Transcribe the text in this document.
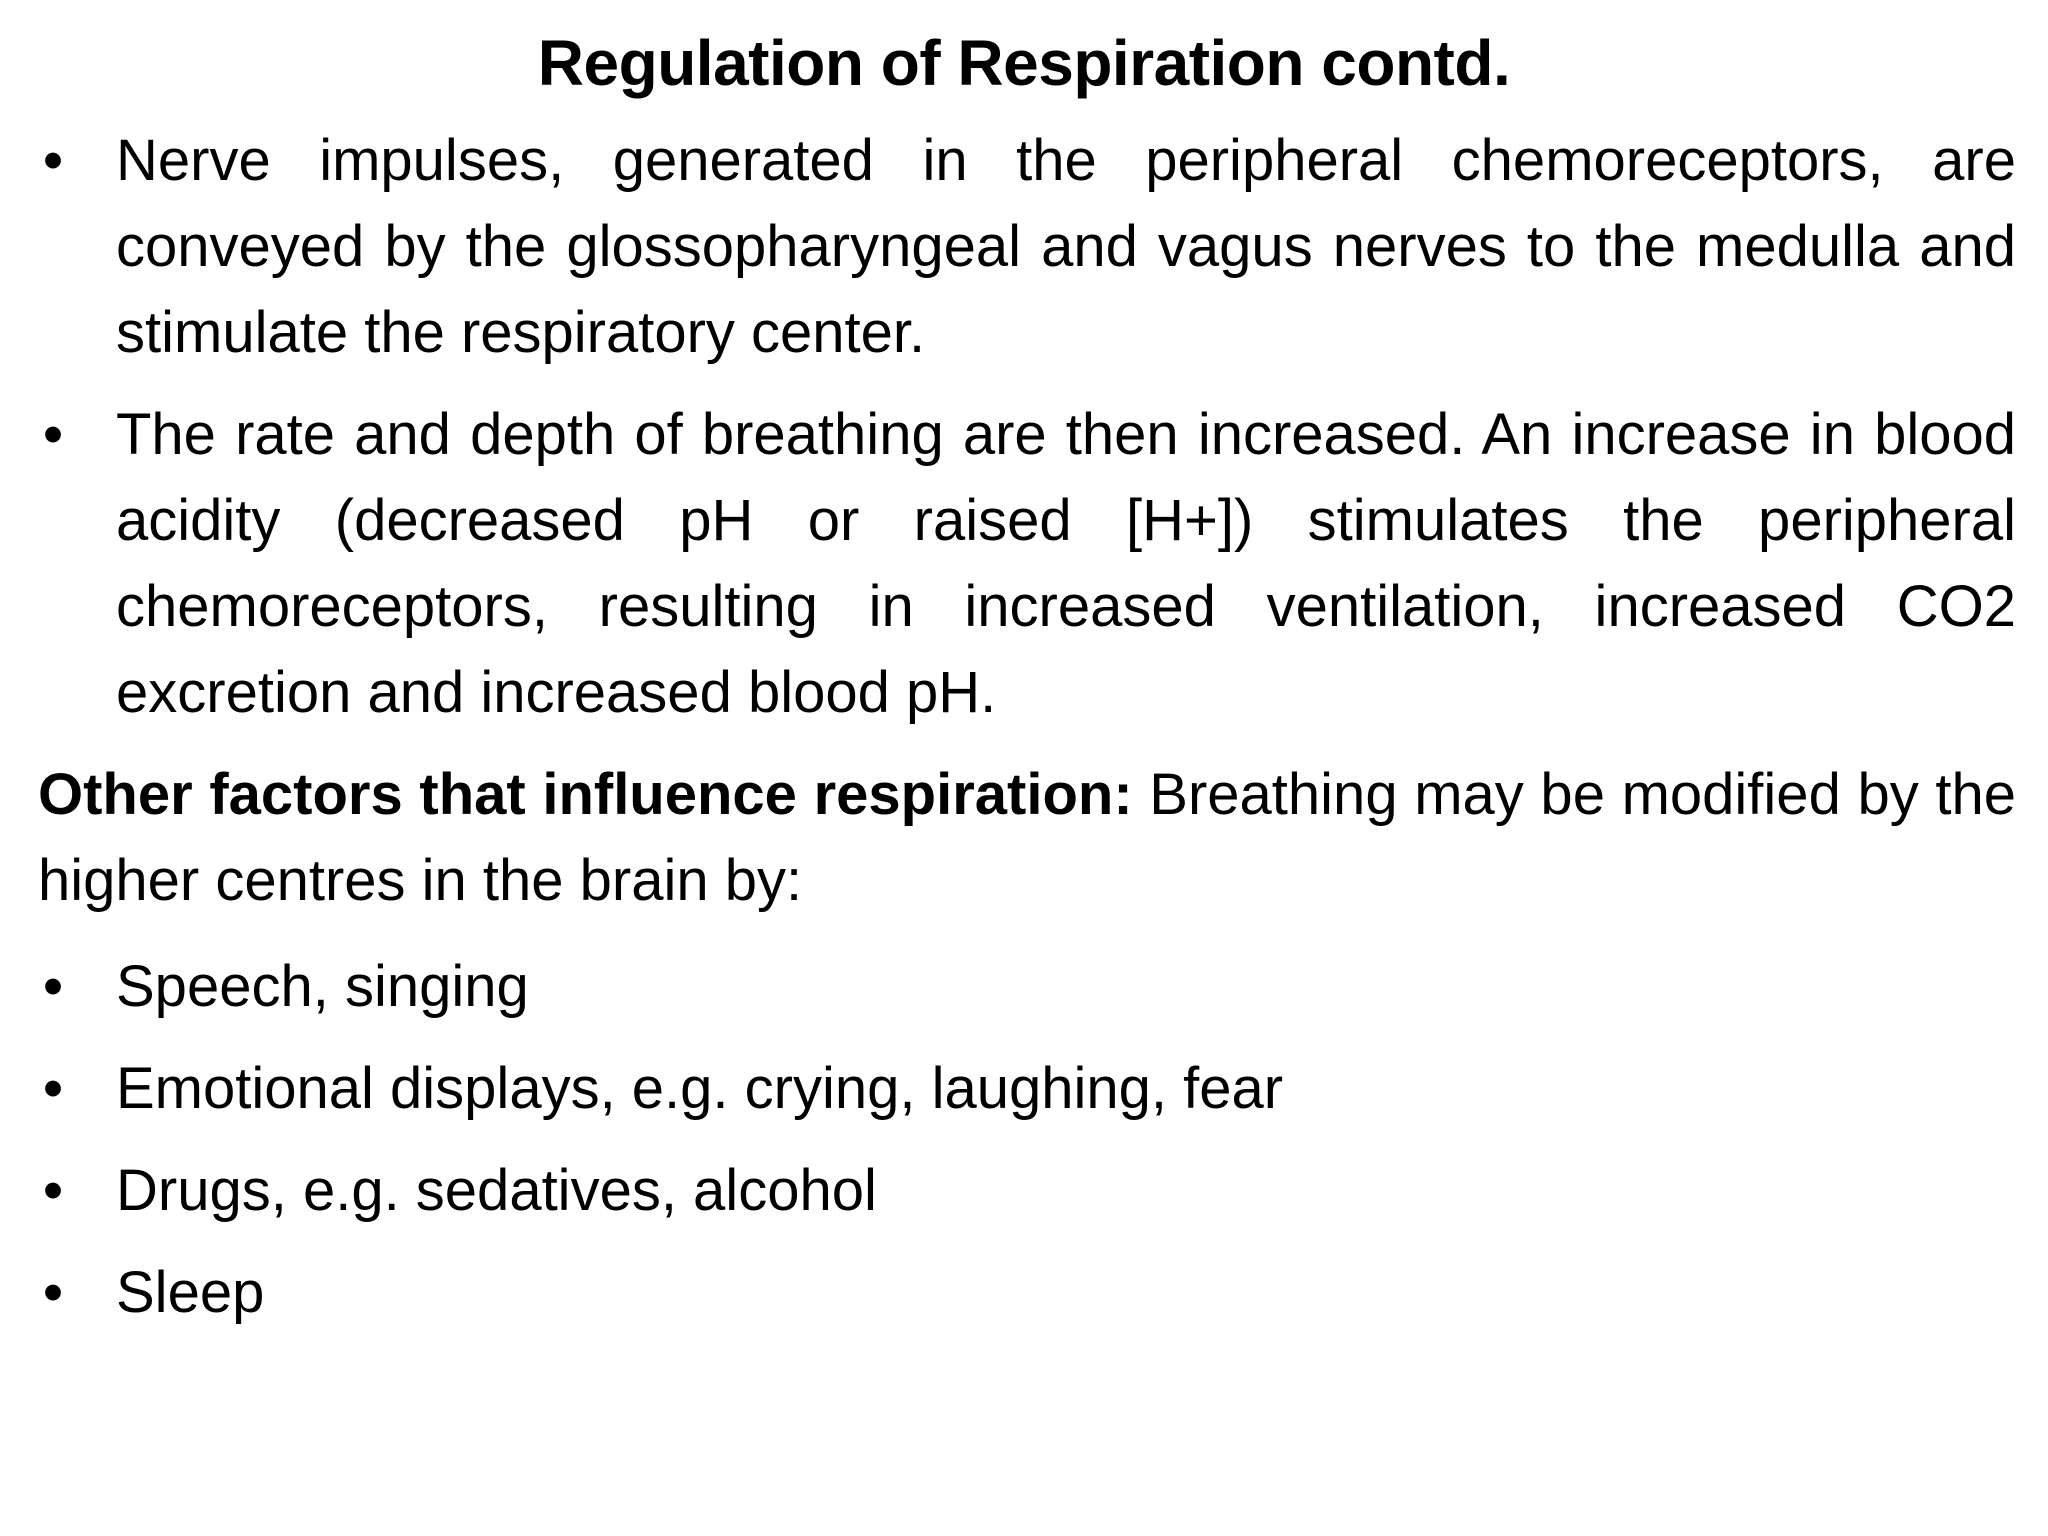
Regulation of Respiration contd.
• Nerve impulses, generated in the peripheral chemoreceptors, are conveyed by the glossopharyngeal and vagus nerves to the medulla and stimulate the respiratory center.
• The rate and depth of breathing are then increased. An increase in blood acidity (decreased pH or raised [H+]) stimulates the peripheral chemoreceptors, resulting in increased ventilation, increased CO2 excretion and increased blood pH.
Other factors that influence respiration: Breathing may be modified by the higher centres in the brain by:
• Speech, singing
• Emotional displays, e.g. crying, laughing, fear
• Drugs, e.g. sedatives, alcohol
• Sleep
